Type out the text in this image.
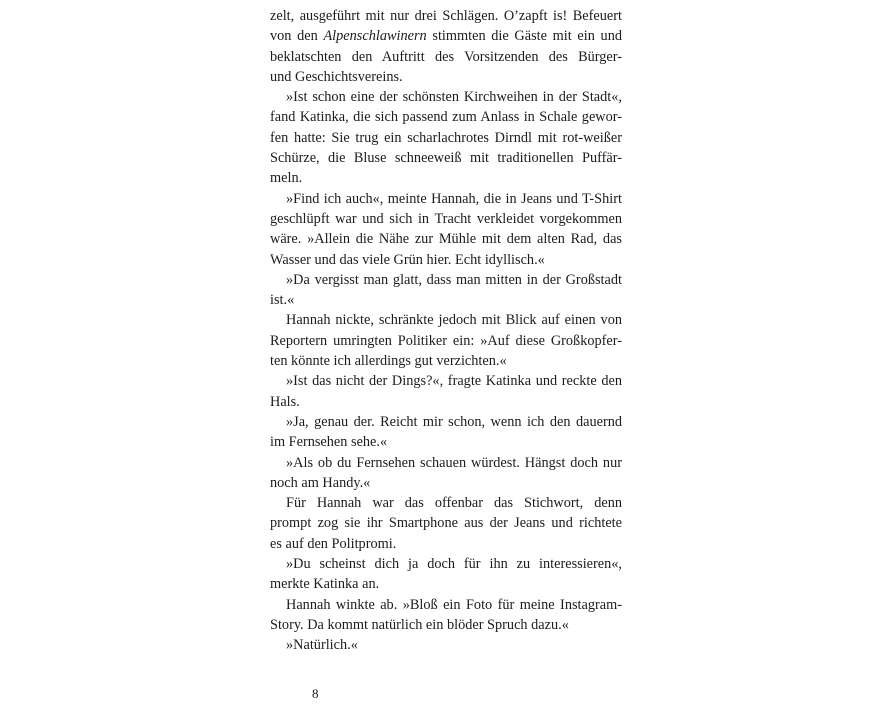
zelt, ausgeführt mit nur drei Schlägen. O’zapft is! Befeuert
von den Alpenschlawinern stimmten die Gäste mit ein und
beklatschten den Auftritt des Vorsitzenden des Bürger-
und Geschichtsvereins.
»Ist schon eine der schönsten Kirchweihen in der Stadt«,
fand Katinka, die sich passend zum Anlass in Schale gewor-
fen hatte: Sie trug ein scharlachrotes Dirndl mit rot-weißer
Schürze, die Bluse schneeweiß mit traditionellen Puffär-
meln.
»Find ich auch«, meinte Hannah, die in Jeans und T-Shirt
geschlüpft war und sich in Tracht verkleidet vorgekommen
wäre. »Allein die Nähe zur Mühle mit dem alten Rad, das
Wasser und das viele Grün hier. Echt idyllisch.«
»Da vergisst man glatt, dass man mitten in der Großstadt
ist.«
Hannah nickte, schränkte jedoch mit Blick auf einen von
Reportern umringten Politiker ein: »Auf diese Großkopfer-
ten könnte ich allerdings gut verzichten.«
»Ist das nicht der Dings?«, fragte Katinka und reckte den
Hals.
»Ja, genau der. Reicht mir schon, wenn ich den dauernd
im Fernsehen sehe.«
»Als ob du Fernsehen schauen würdest. Hängst doch nur
noch am Handy.«
Für Hannah war das offenbar das Stichwort, denn
prompt zog sie ihr Smartphone aus der Jeans und richtete
es auf den Politpromi.
»Du scheinst dich ja doch für ihn zu interessieren«,
merkte Katinka an.
Hannah winkte ab. »Bloß ein Foto für meine Instagram-
Story. Da kommt natürlich ein blöder Spruch dazu.«
»Natürlich.«
8
